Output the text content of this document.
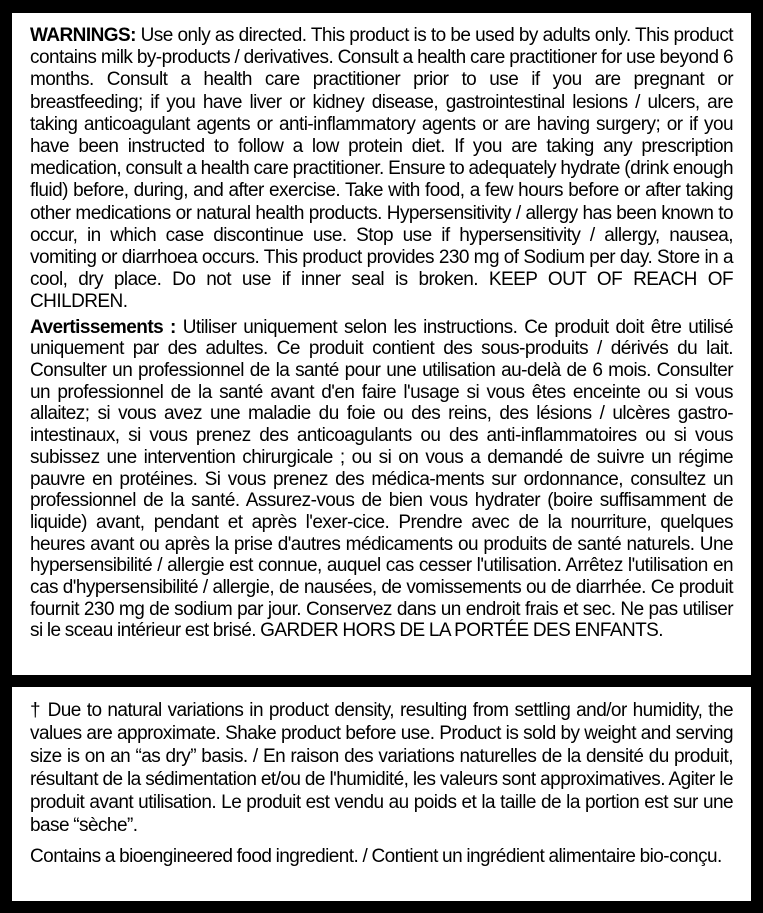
WARNINGS: Use only as directed. This product is to be used by adults only. This product contains milk by-products / derivatives. Consult a health care practitioner for use beyond 6 months. Consult a health care practitioner prior to use if you are pregnant or breastfeeding; if you have liver or kidney disease, gastrointestinal lesions / ulcers, are taking anticoagulant agents or anti-inflammatory agents or are having surgery; or if you have been instructed to follow a low protein diet. If you are taking any prescription medication, consult a health care practitioner. Ensure to adequately hydrate (drink enough fluid) before, during, and after exercise. Take with food, a few hours before or after taking other medications or natural health products. Hypersensitivity / allergy has been known to occur, in which case discontinue use. Stop use if hypersensitivity / allergy, nausea, vomiting or diarrhoea occurs. This product provides 230 mg of Sodium per day. Store in a cool, dry place. Do not use if inner seal is broken. KEEP OUT OF REACH OF CHILDREN.

Avertissements : Utiliser uniquement selon les instructions. Ce produit doit être utilisé uniquement par des adultes. Ce produit contient des sous-produits / dérivés du lait. Consulter un professionnel de la santé pour une utilisation au-delà de 6 mois. Consulter un professionnel de la santé avant d'en faire l'usage si vous êtes enceinte ou si vous allaitez; si vous avez une maladie du foie ou des reins, des lésions / ulcères gastro-intestinaux, si vous prenez des anticoagulants ou des anti-inflammatoires ou si vous subissez une intervention chirurgicale ; ou si on vous a demandé de suivre un régime pauvre en protéines. Si vous prenez des médica-ments sur ordonnance, consultez un professionnel de la santé. Assurez-vous de bien vous hydrater (boire suffisamment de liquide) avant, pendant et après l'exer-cice. Prendre avec de la nourriture, quelques heures avant ou après la prise d'autres médicaments ou produits de santé naturels. Une hypersensibilité / allergie est connue, auquel cas cesser l'utilisation. Arrêtez l'utilisation en cas d'hypersensibilité / allergie, de nausées, de vomissements ou de diarrhée. Ce produit fournit 230 mg de sodium par jour. Conservez dans un endroit frais et sec. Ne pas utiliser si le sceau intérieur est brisé. GARDER HORS DE LA PORTÉE DES ENFANTS.

† Due to natural variations in product density, resulting from settling and/or humidity, the values are approximate. Shake product before use. Product is sold by weight and serving size is on an “as dry” basis. / En raison des variations naturelles de la densité du produit, résultant de la sédimentation et/ou de l'humidité, les valeurs sont approximatives. Agiter le produit avant utilisation. Le produit est vendu au poids et la taille de la portion est sur une base “sèche”.

Contains a bioengineered food ingredient. / Contient un ingrédient alimentaire bio-conçu.
